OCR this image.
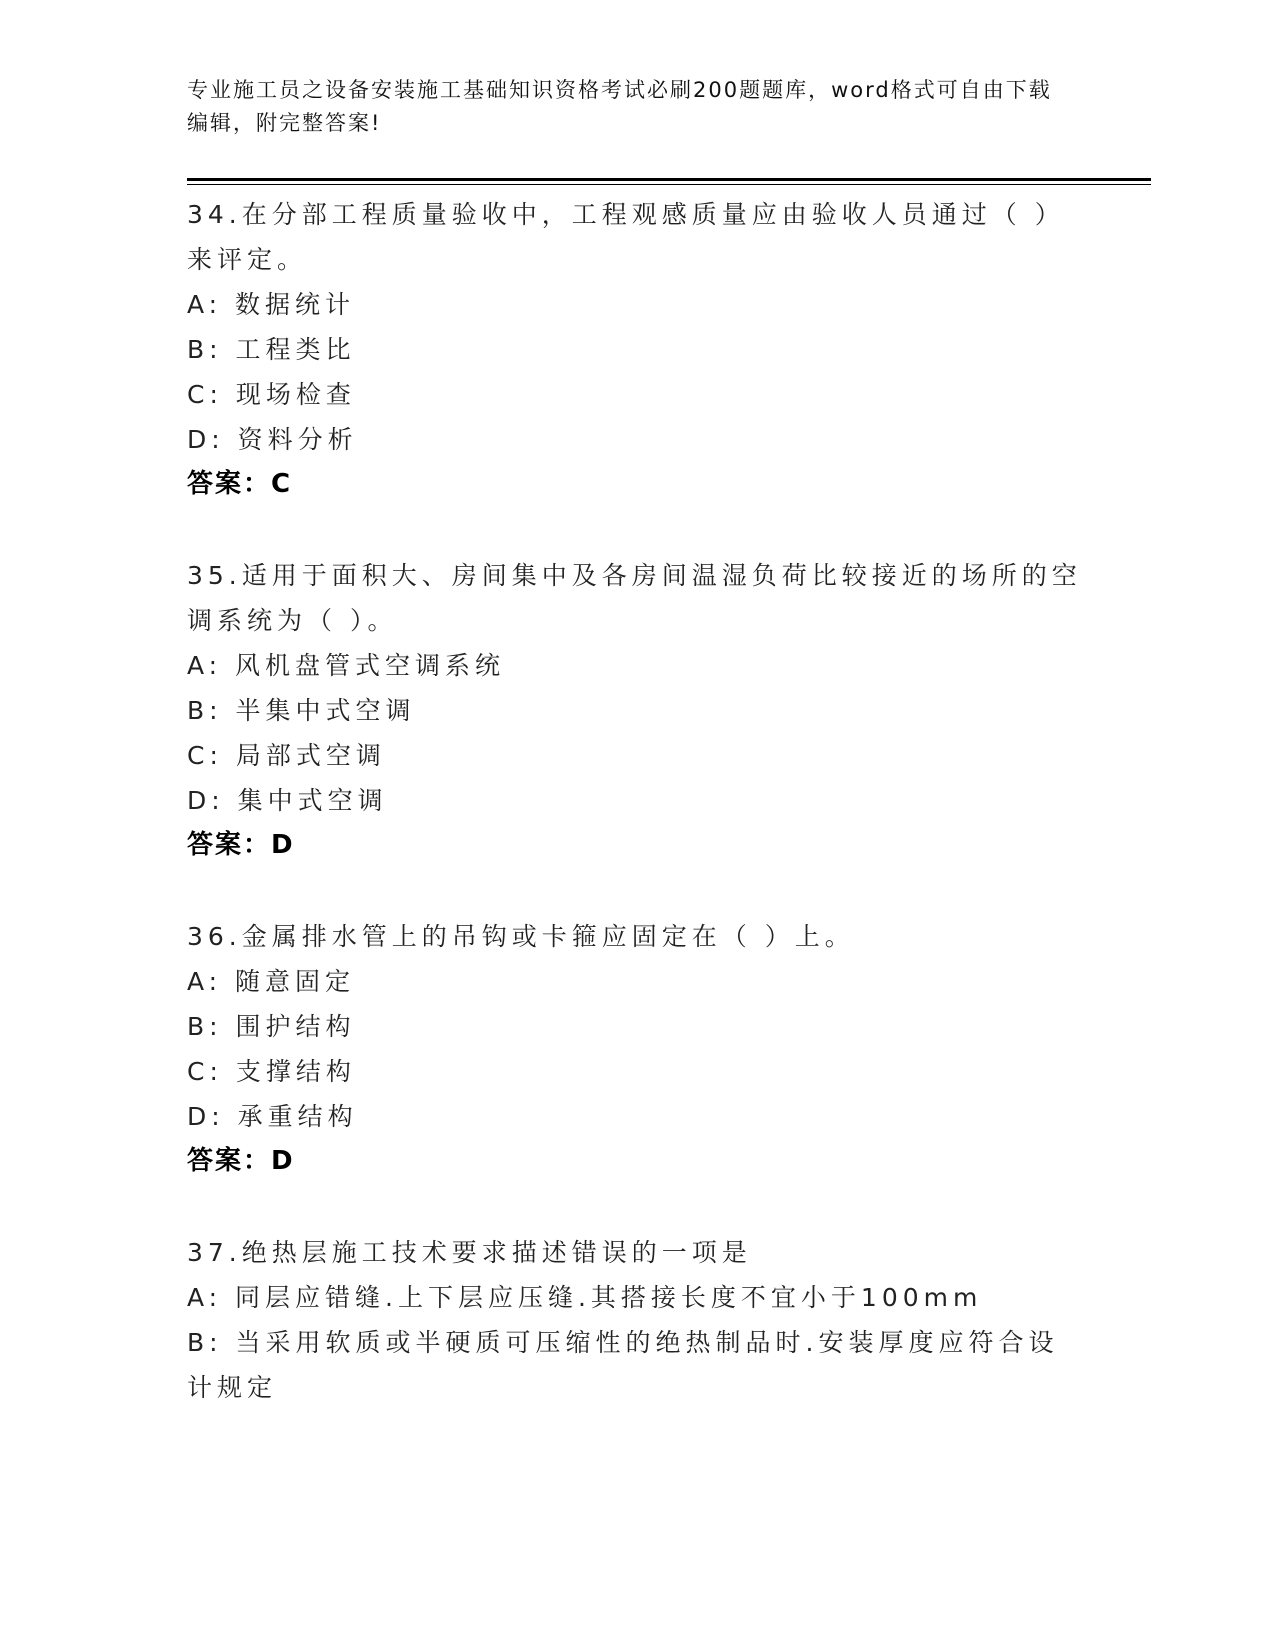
专业施工员之设备安装施工基础知识资格考试必刷200题题库，word格式可自由下载编辑，附完整答案!
34.在分部工程质量验收中，工程观感质量应由验收人员通过（ ）来评定。
A: 数据统计
B: 工程类比
C: 现场检查
D: 资料分析
答案：C
35.适用于面积大、房间集中及各房间温湿负荷比较接近的场所的空调系统为（ ）。
A: 风机盘管式空调系统
B: 半集中式空调
C: 局部式空调
D: 集中式空调
答案：D
36.金属排水管上的吊钩或卡箍应固定在（ ）上。
A: 随意固定
B: 围护结构
C: 支撑结构
D: 承重结构
答案：D
37.绝热层施工技术要求描述错误的一项是
A: 同层应错缝.上下层应压缝.其搭接长度不宜小于100mm
B: 当采用软质或半硬质可压缩性的绝热制品时.安装厚度应符合设计规定
